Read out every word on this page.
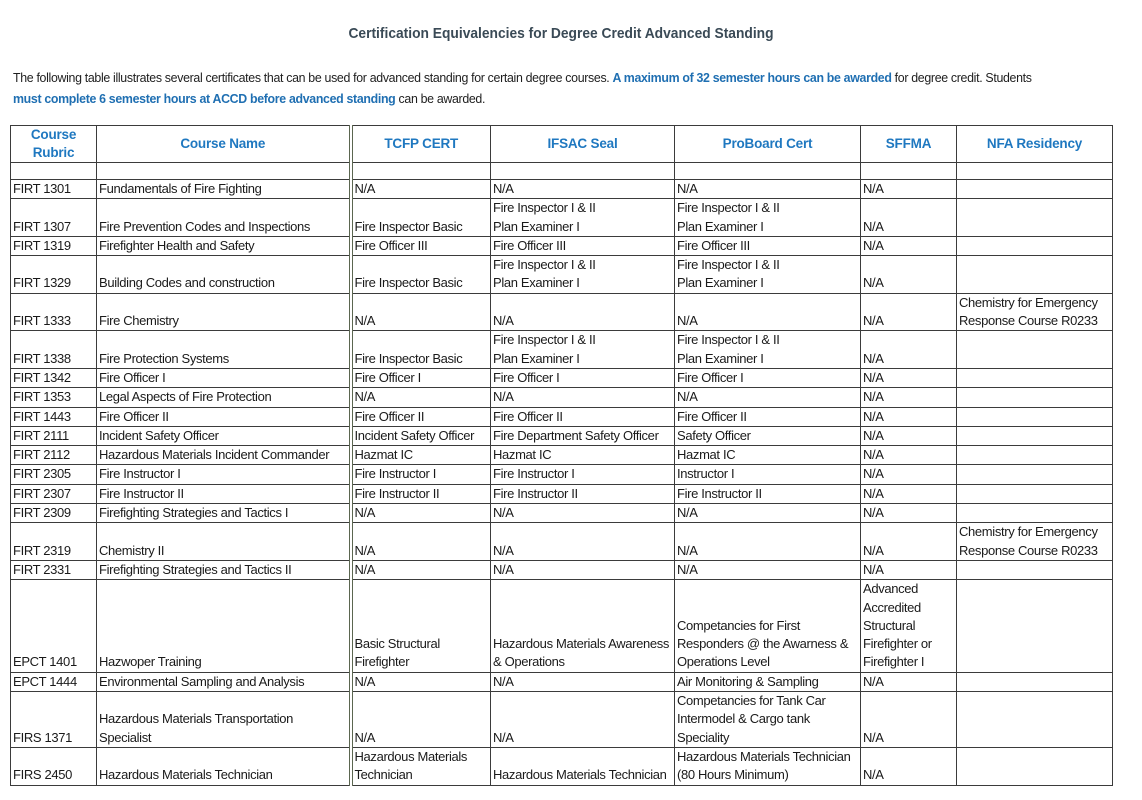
Certification Equivalencies for Degree Credit Advanced Standing
The following table illustrates several certificates that can be used for advanced standing for certain degree courses. A maximum of 32 semester hours can be awarded for degree credit. Students
must complete 6 semester hours at ACCD before advanced standing can be awarded.
Course Rubric	Course Name	TCFP CERT	IFSAC Seal	ProBoard Cert	SFFMA	NFA Residency

FIRT 1301	Fundamentals of Fire Fighting	N/A	N/A	N/A	N/A	

FIRT 1307	Fire Prevention Codes and Inspections	Fire Inspector Basic	Fire Inspector I & II
Plan Examiner I	Fire Inspector I & II
Plan Examiner I	N/A	

FIRT 1319	Firefighter Health and Safety	Fire Officer III	Fire Officer III	Fire Officer III	N/A	

FIRT 1329	Building Codes and construction	Fire Inspector Basic	Fire Inspector I & II
Plan Examiner I	Fire Inspector I & II
Plan Examiner I	N/A	

FIRT 1333	Fire Chemistry	N/A	N/A	N/A	N/A	Chemistry for Emergency
Response Course R0233

FIRT 1338	Fire Protection Systems	Fire Inspector Basic	Fire Inspector I & II
Plan Examiner I	Fire Inspector I & II
Plan Examiner I	N/A	

FIRT 1342	Fire Officer I	Fire Officer I	Fire Officer I	Fire Officer I	N/A	

FIRT 1353	Legal Aspects of Fire Protection	N/A	N/A	N/A	N/A	

FIRT 1443	Fire Officer II	Fire Officer II	Fire Officer II	Fire Officer II	N/A	

FIRT 2111	Incident Safety Officer	Incident Safety Officer	Fire Department Safety Officer	Safety Officer	N/A	

FIRT 2112	Hazardous Materials Incident Commander	Hazmat IC	Hazmat IC	Hazmat IC	N/A	

FIRT 2305	Fire Instructor I	Fire Instructor I	Fire Instructor I	Instructor I	N/A	

FIRT 2307	Fire Instructor II	Fire Instructor II	Fire Instructor II	Fire Instructor II	N/A	

FIRT 2309	Firefighting Strategies and Tactics I	N/A	N/A	N/A	N/A	

FIRT 2319	Chemistry II	N/A	N/A	N/A	N/A	Chemistry for Emergency
Response Course R0233

FIRT 2331	Firefighting Strategies and Tactics II	N/A	N/A	N/A	N/A	

EPCT 1401	Hazwoper Training	Basic Structural
Firefighter	Hazardous Materials Awareness
& Operations	Competancies for First
Responders @ the Awarness &
Operations Level	Advanced
Accredited
Structural
Firefighter or
Firefighter I	

EPCT 1444	Environmental Sampling and Analysis	N/A	N/A	Air Monitoring & Sampling	N/A	

FIRS 1371	Hazardous Materials Transportation
Specialist	N/A	N/A	Competancies for Tank Car
Intermodel & Cargo tank
Speciality	N/A	

FIRS 2450	Hazardous Materials Technician	Hazardous Materials
Technician	Hazardous Materials Technician	Hazardous Materials Technician
(80 Hours Minimum)	N/A	
